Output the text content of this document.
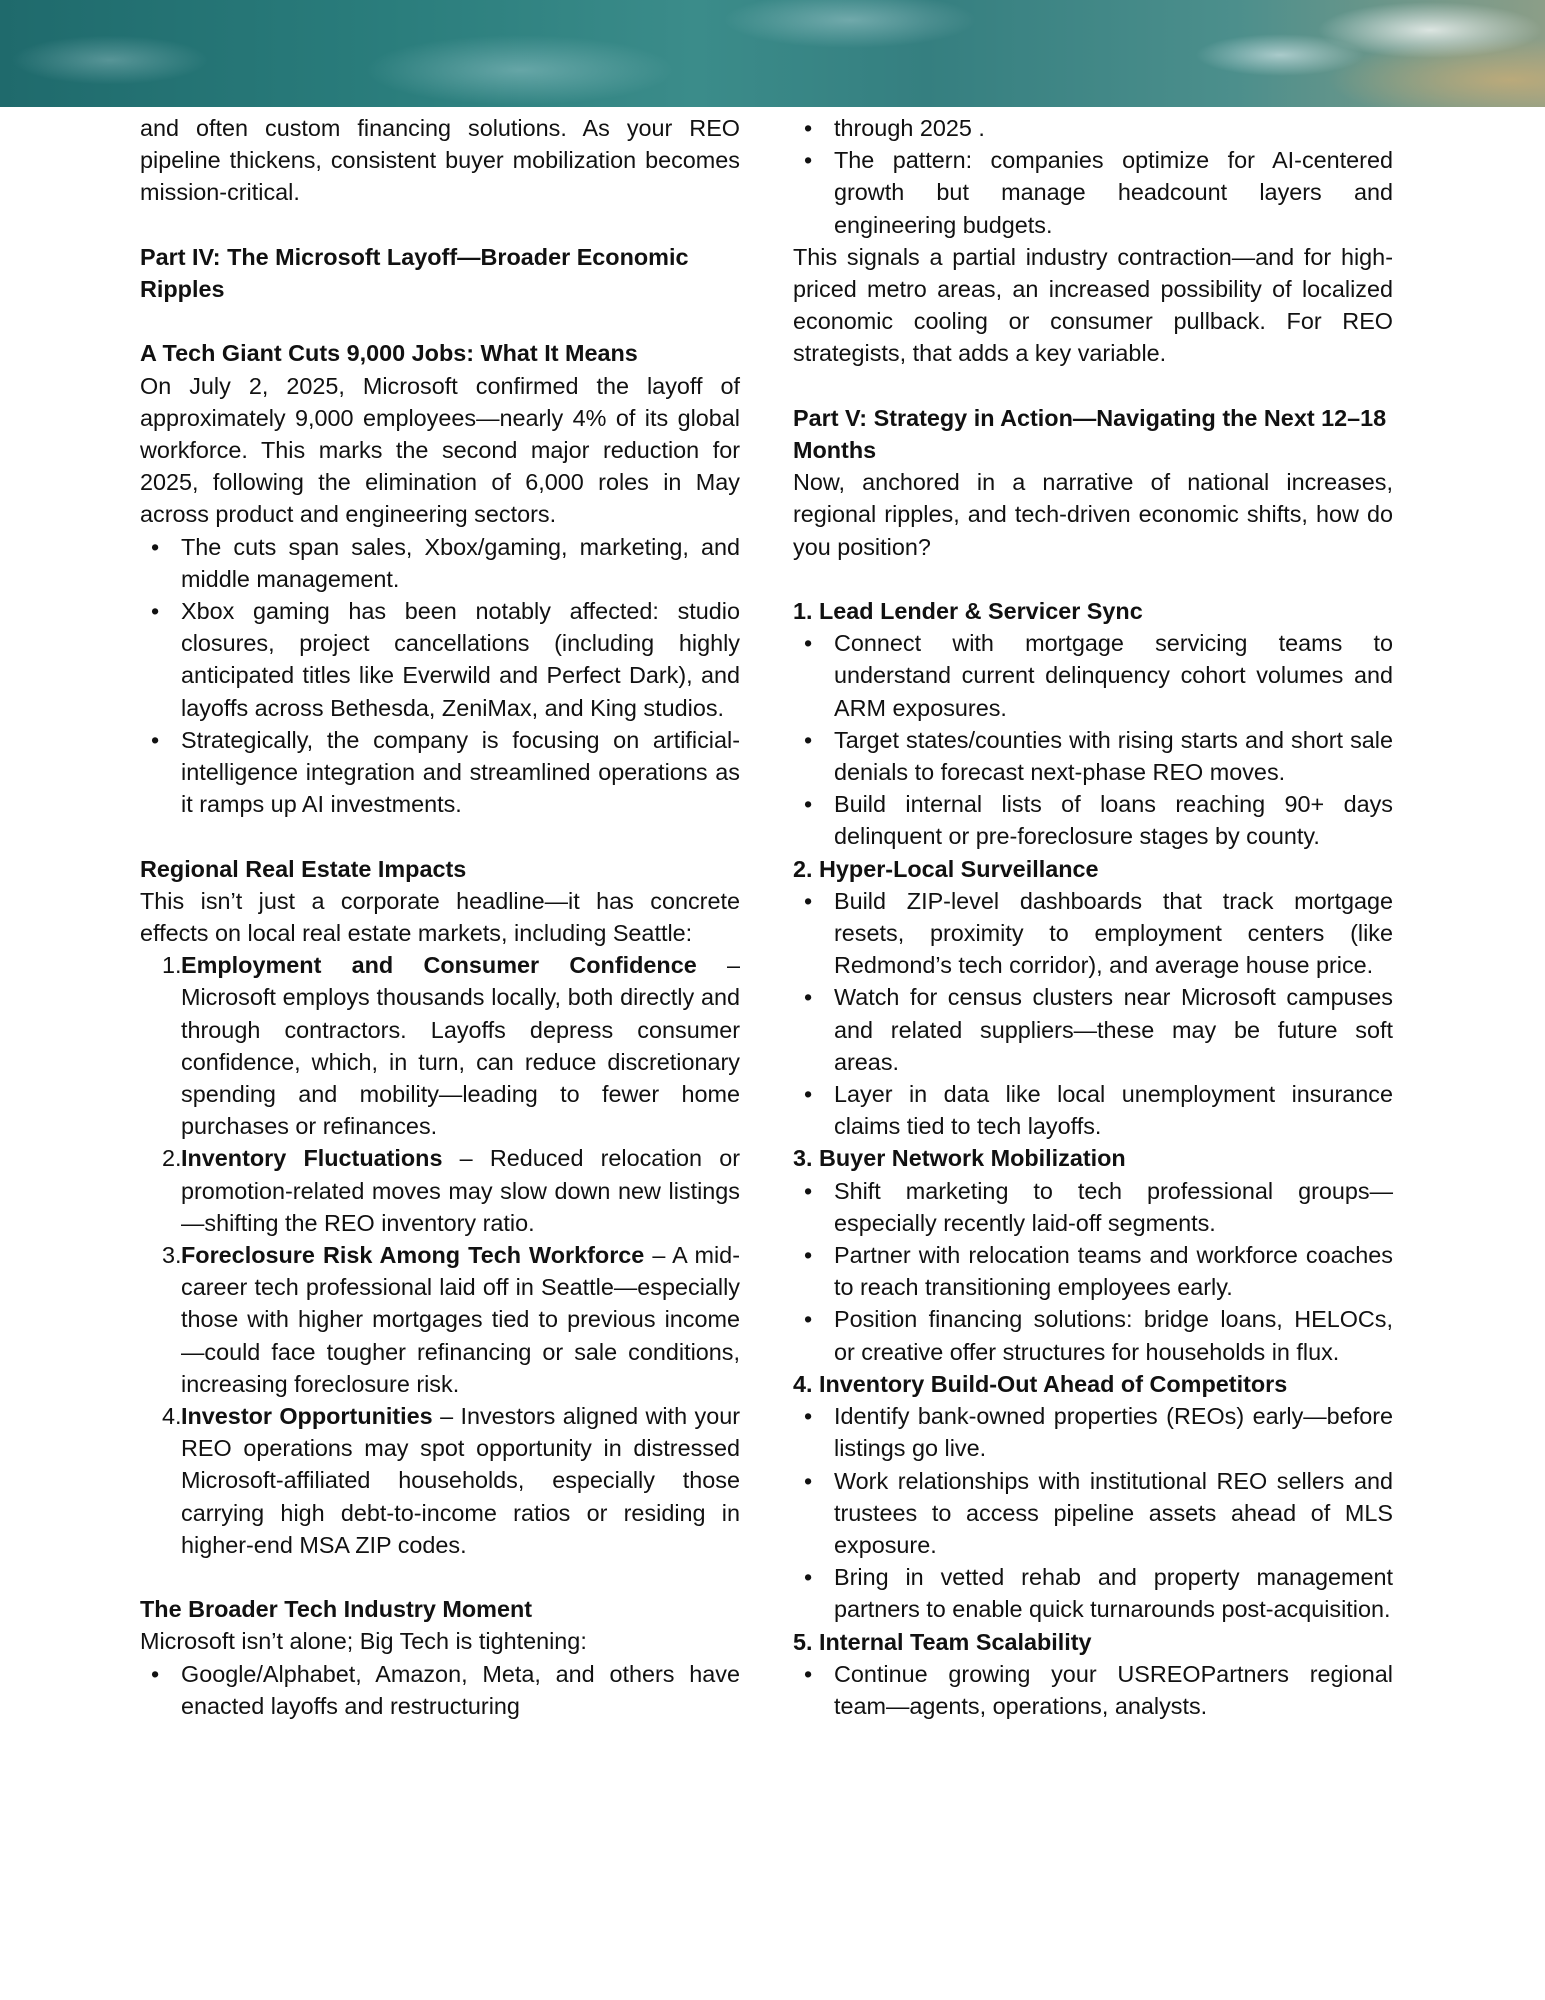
and often custom financing solutions. As your REO pipeline thickens, consistent buyer mobilization becomes mission-critical.

Part IV: The Microsoft Layoff—Broader Economic Ripples

A Tech Giant Cuts 9,000 Jobs: What It Means

On July 2, 2025, Microsoft confirmed the layoff of approximately 9,000 employees—nearly 4% of its global workforce. This marks the second major reduction for 2025, following the elimination of 6,000 roles in May across product and engineering sectors.

• The cuts span sales, Xbox/gaming, marketing, and middle management.
• Xbox gaming has been notably affected: studio closures, project cancellations (including highly anticipated titles like Everwild and Perfect Dark), and layoffs across Bethesda, ZeniMax, and King studios.
• Strategically, the company is focusing on artificial-intelligence integration and streamlined operations as it ramps up AI investments.

Regional Real Estate Impacts

This isn’t just a corporate headline—it has concrete effects on local real estate markets, including Seattle:

1. Employment and Consumer Confidence – Microsoft employs thousands locally, both directly and through contractors. Layoffs depress consumer confidence, which, in turn, can reduce discretionary spending and mobility—leading to fewer home purchases or refinances.
2. Inventory Fluctuations – Reduced relocation or promotion-related moves may slow down new listings—shifting the REO inventory ratio.
3. Foreclosure Risk Among Tech Workforce – A mid-career tech professional laid off in Seattle—especially those with higher mortgages tied to previous income—could face tougher refinancing or sale conditions, increasing foreclosure risk.
4. Investor Opportunities – Investors aligned with your REO operations may spot opportunity in distressed Microsoft-affiliated households, especially those carrying high debt-to-income ratios or residing in higher-end MSA ZIP codes.

The Broader Tech Industry Moment

Microsoft isn’t alone; Big Tech is tightening:

• Google/Alphabet, Amazon, Meta, and others have enacted layoffs and restructuring
• through 2025 .
• The pattern: companies optimize for AI-centered growth but manage headcount layers and engineering budgets.

This signals a partial industry contraction—and for high-priced metro areas, an increased possibility of localized economic cooling or consumer pullback. For REO strategists, that adds a key variable.

Part V: Strategy in Action—Navigating the Next 12–18 Months

Now, anchored in a narrative of national increases, regional ripples, and tech-driven economic shifts, how do you position?

1. Lead Lender & Servicer Sync

• Connect with mortgage servicing teams to understand current delinquency cohort volumes and ARM exposures.
• Target states/counties with rising starts and short sale denials to forecast next-phase REO moves.
• Build internal lists of loans reaching 90+ days delinquent or pre-foreclosure stages by county.

2. Hyper-Local Surveillance

• Build ZIP-level dashboards that track mortgage resets, proximity to employment centers (like Redmond’s tech corridor), and average house price.
• Watch for census clusters near Microsoft campuses and related suppliers—these may be future soft areas.
• Layer in data like local unemployment insurance claims tied to tech layoffs.

3. Buyer Network Mobilization

• Shift marketing to tech professional groups—especially recently laid-off segments.
• Partner with relocation teams and workforce coaches to reach transitioning employees early.
• Position financing solutions: bridge loans, HELOCs, or creative offer structures for households in flux.

4. Inventory Build-Out Ahead of Competitors

• Identify bank-owned properties (REOs) early—before listings go live.
• Work relationships with institutional REO sellers and trustees to access pipeline assets ahead of MLS exposure.
• Bring in vetted rehab and property management partners to enable quick turnarounds post-acquisition.

5. Internal Team Scalability

• Continue growing your USREOPartners regional team—agents, operations, analysts.
